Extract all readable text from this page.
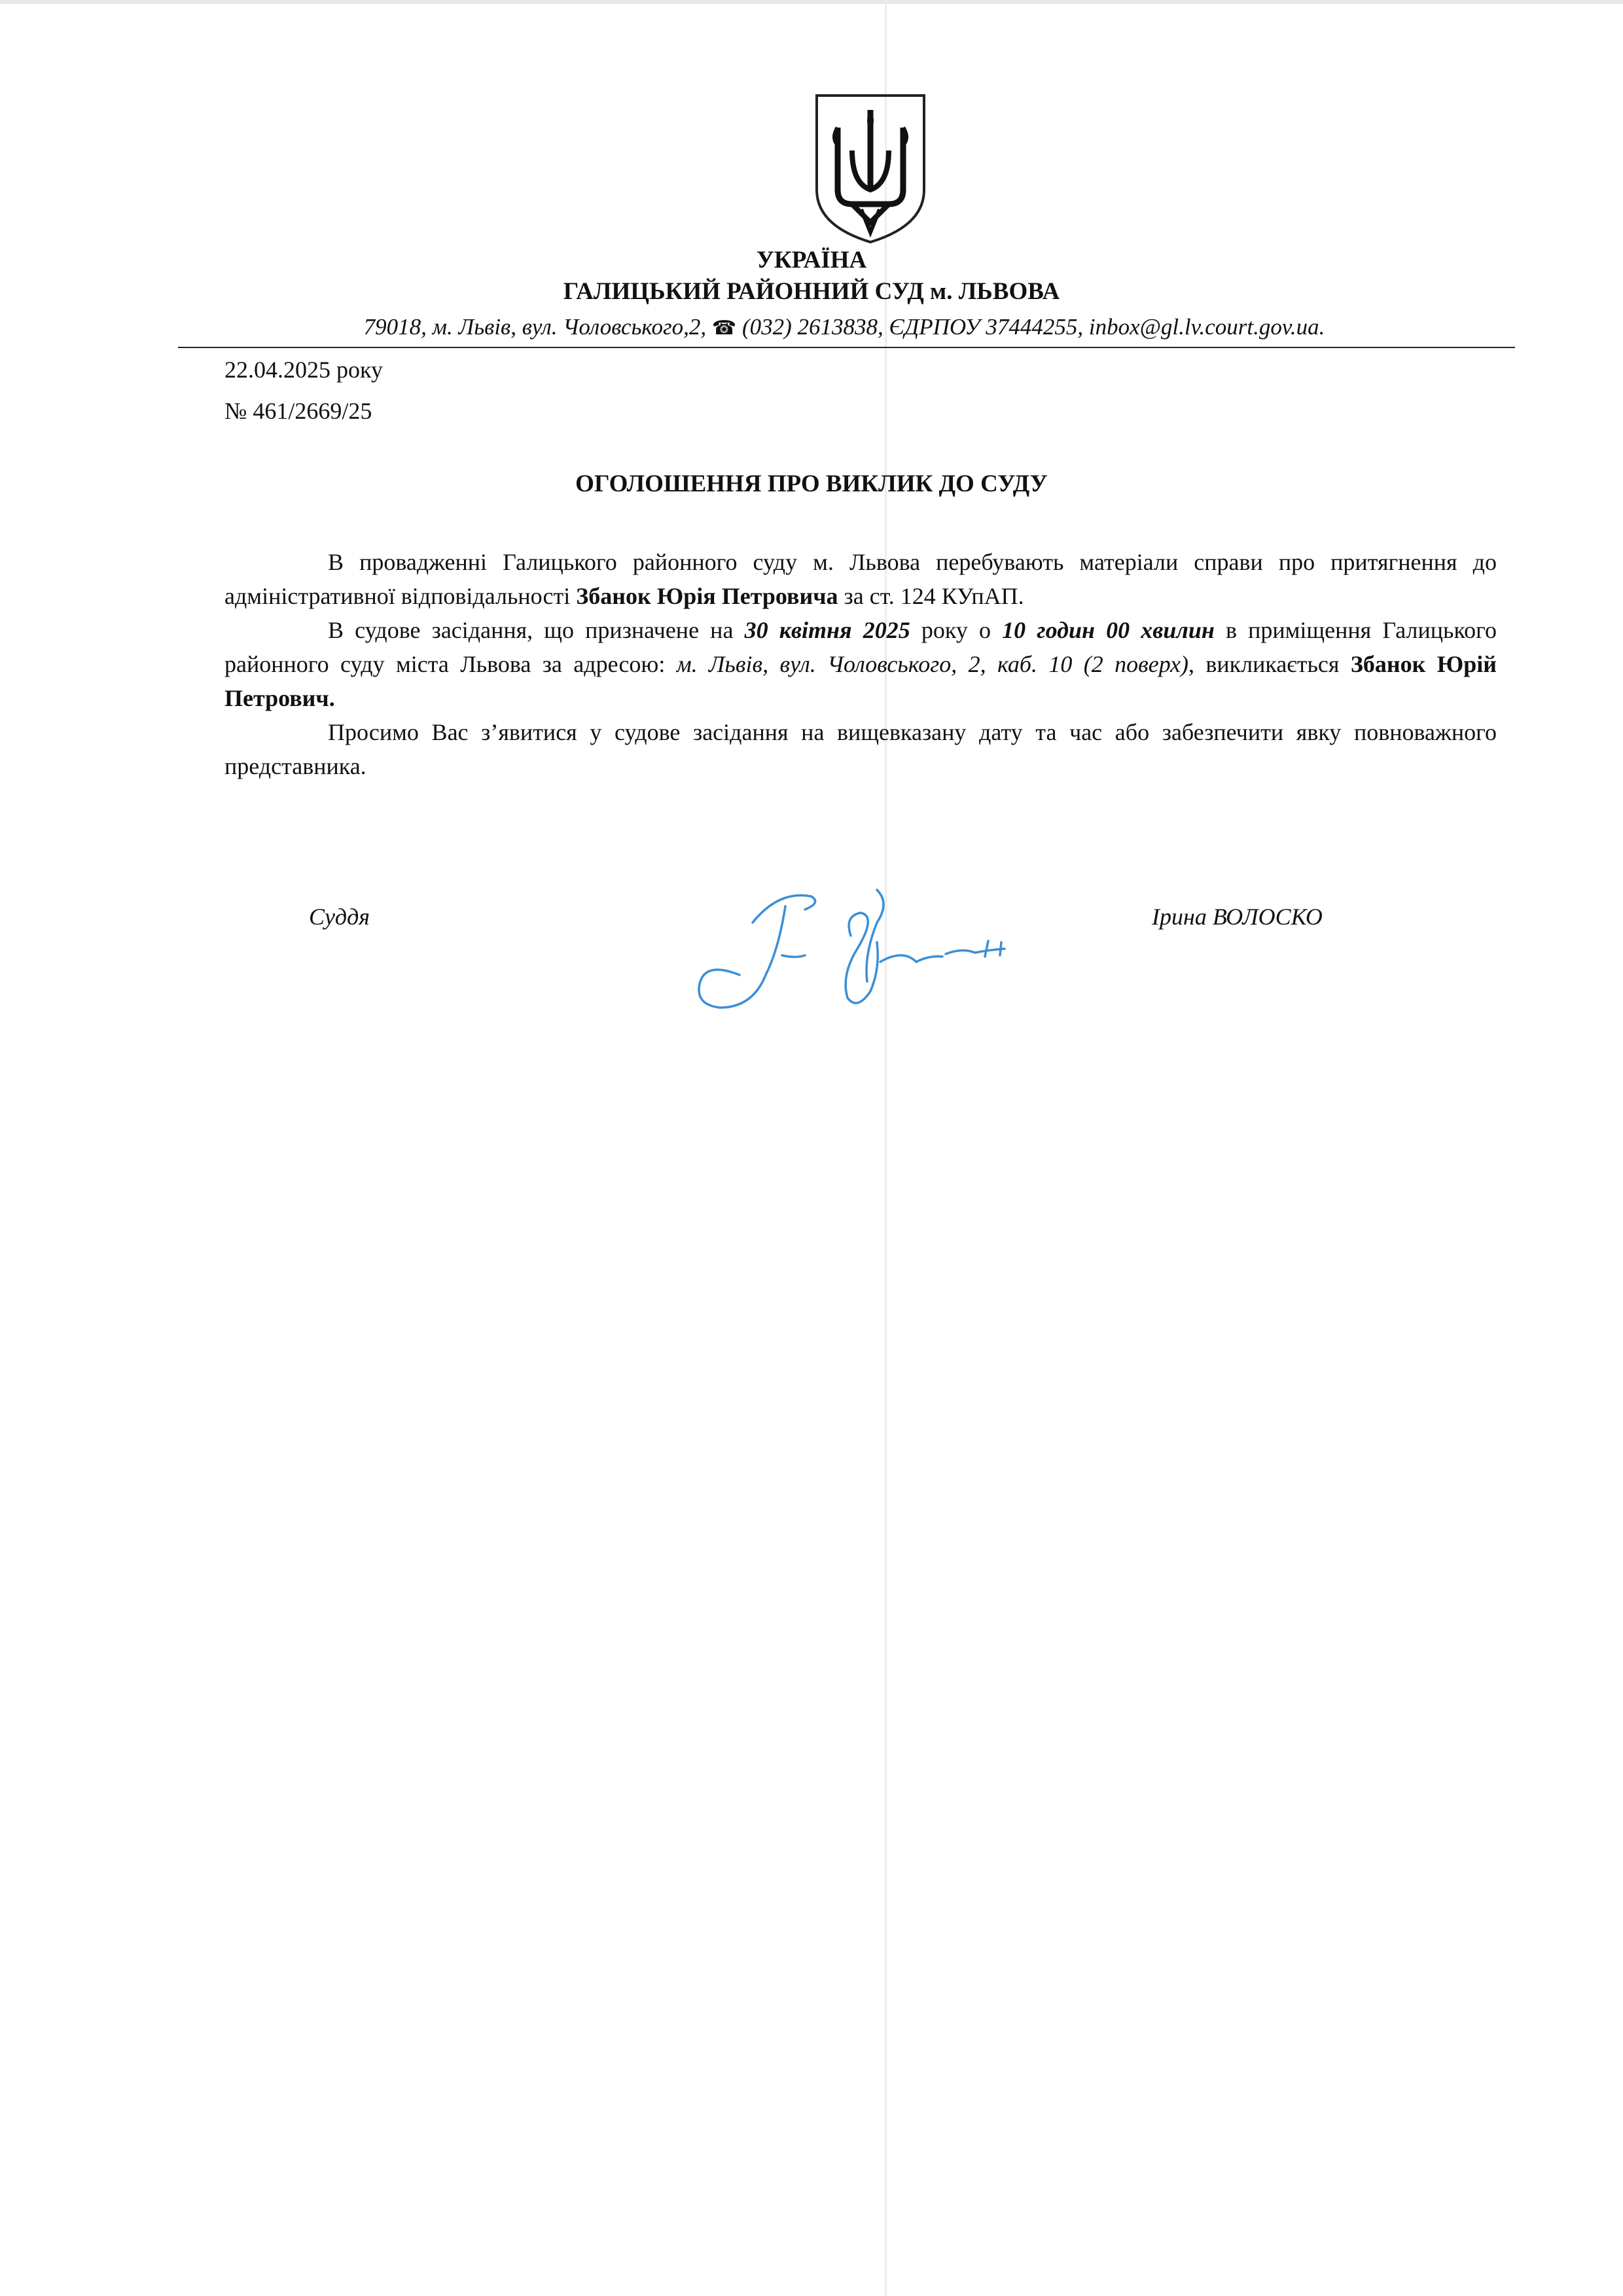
УКРАЇНА
ГАЛИЦЬКИЙ РАЙОННИЙ СУД м. ЛЬВОВА
79018, м. Львів, вул. Чоловського,2, ☎ (032) 2613838, ЄДРПОУ 37444255, inbox@gl.lv.court.gov.ua.
22.04.2025 року
№ 461/2669/25
ОГОЛОШЕННЯ ПРО ВИКЛИК ДО СУДУ

В провадженні Галицького районного суду м. Львова перебувають матеріали справи про притягнення до адміністративної відповідальності Збанок Юрія Петровича за ст. 124 КУпАП.

В судове засідання, що призначене на 30 квітня 2025 року о 10 годин 00 хвилин в приміщення Галицького районного суду міста Львова за адресою: м. Львів, вул. Чоловського, 2, каб. 10 (2 поверх), викликається Збанок Юрій Петрович.

Просимо Вас з’явитися у судове засідання на вищевказану дату та час або забезпечити явку повноважного представника.

Суддя	Ірина ВОЛОСКО
